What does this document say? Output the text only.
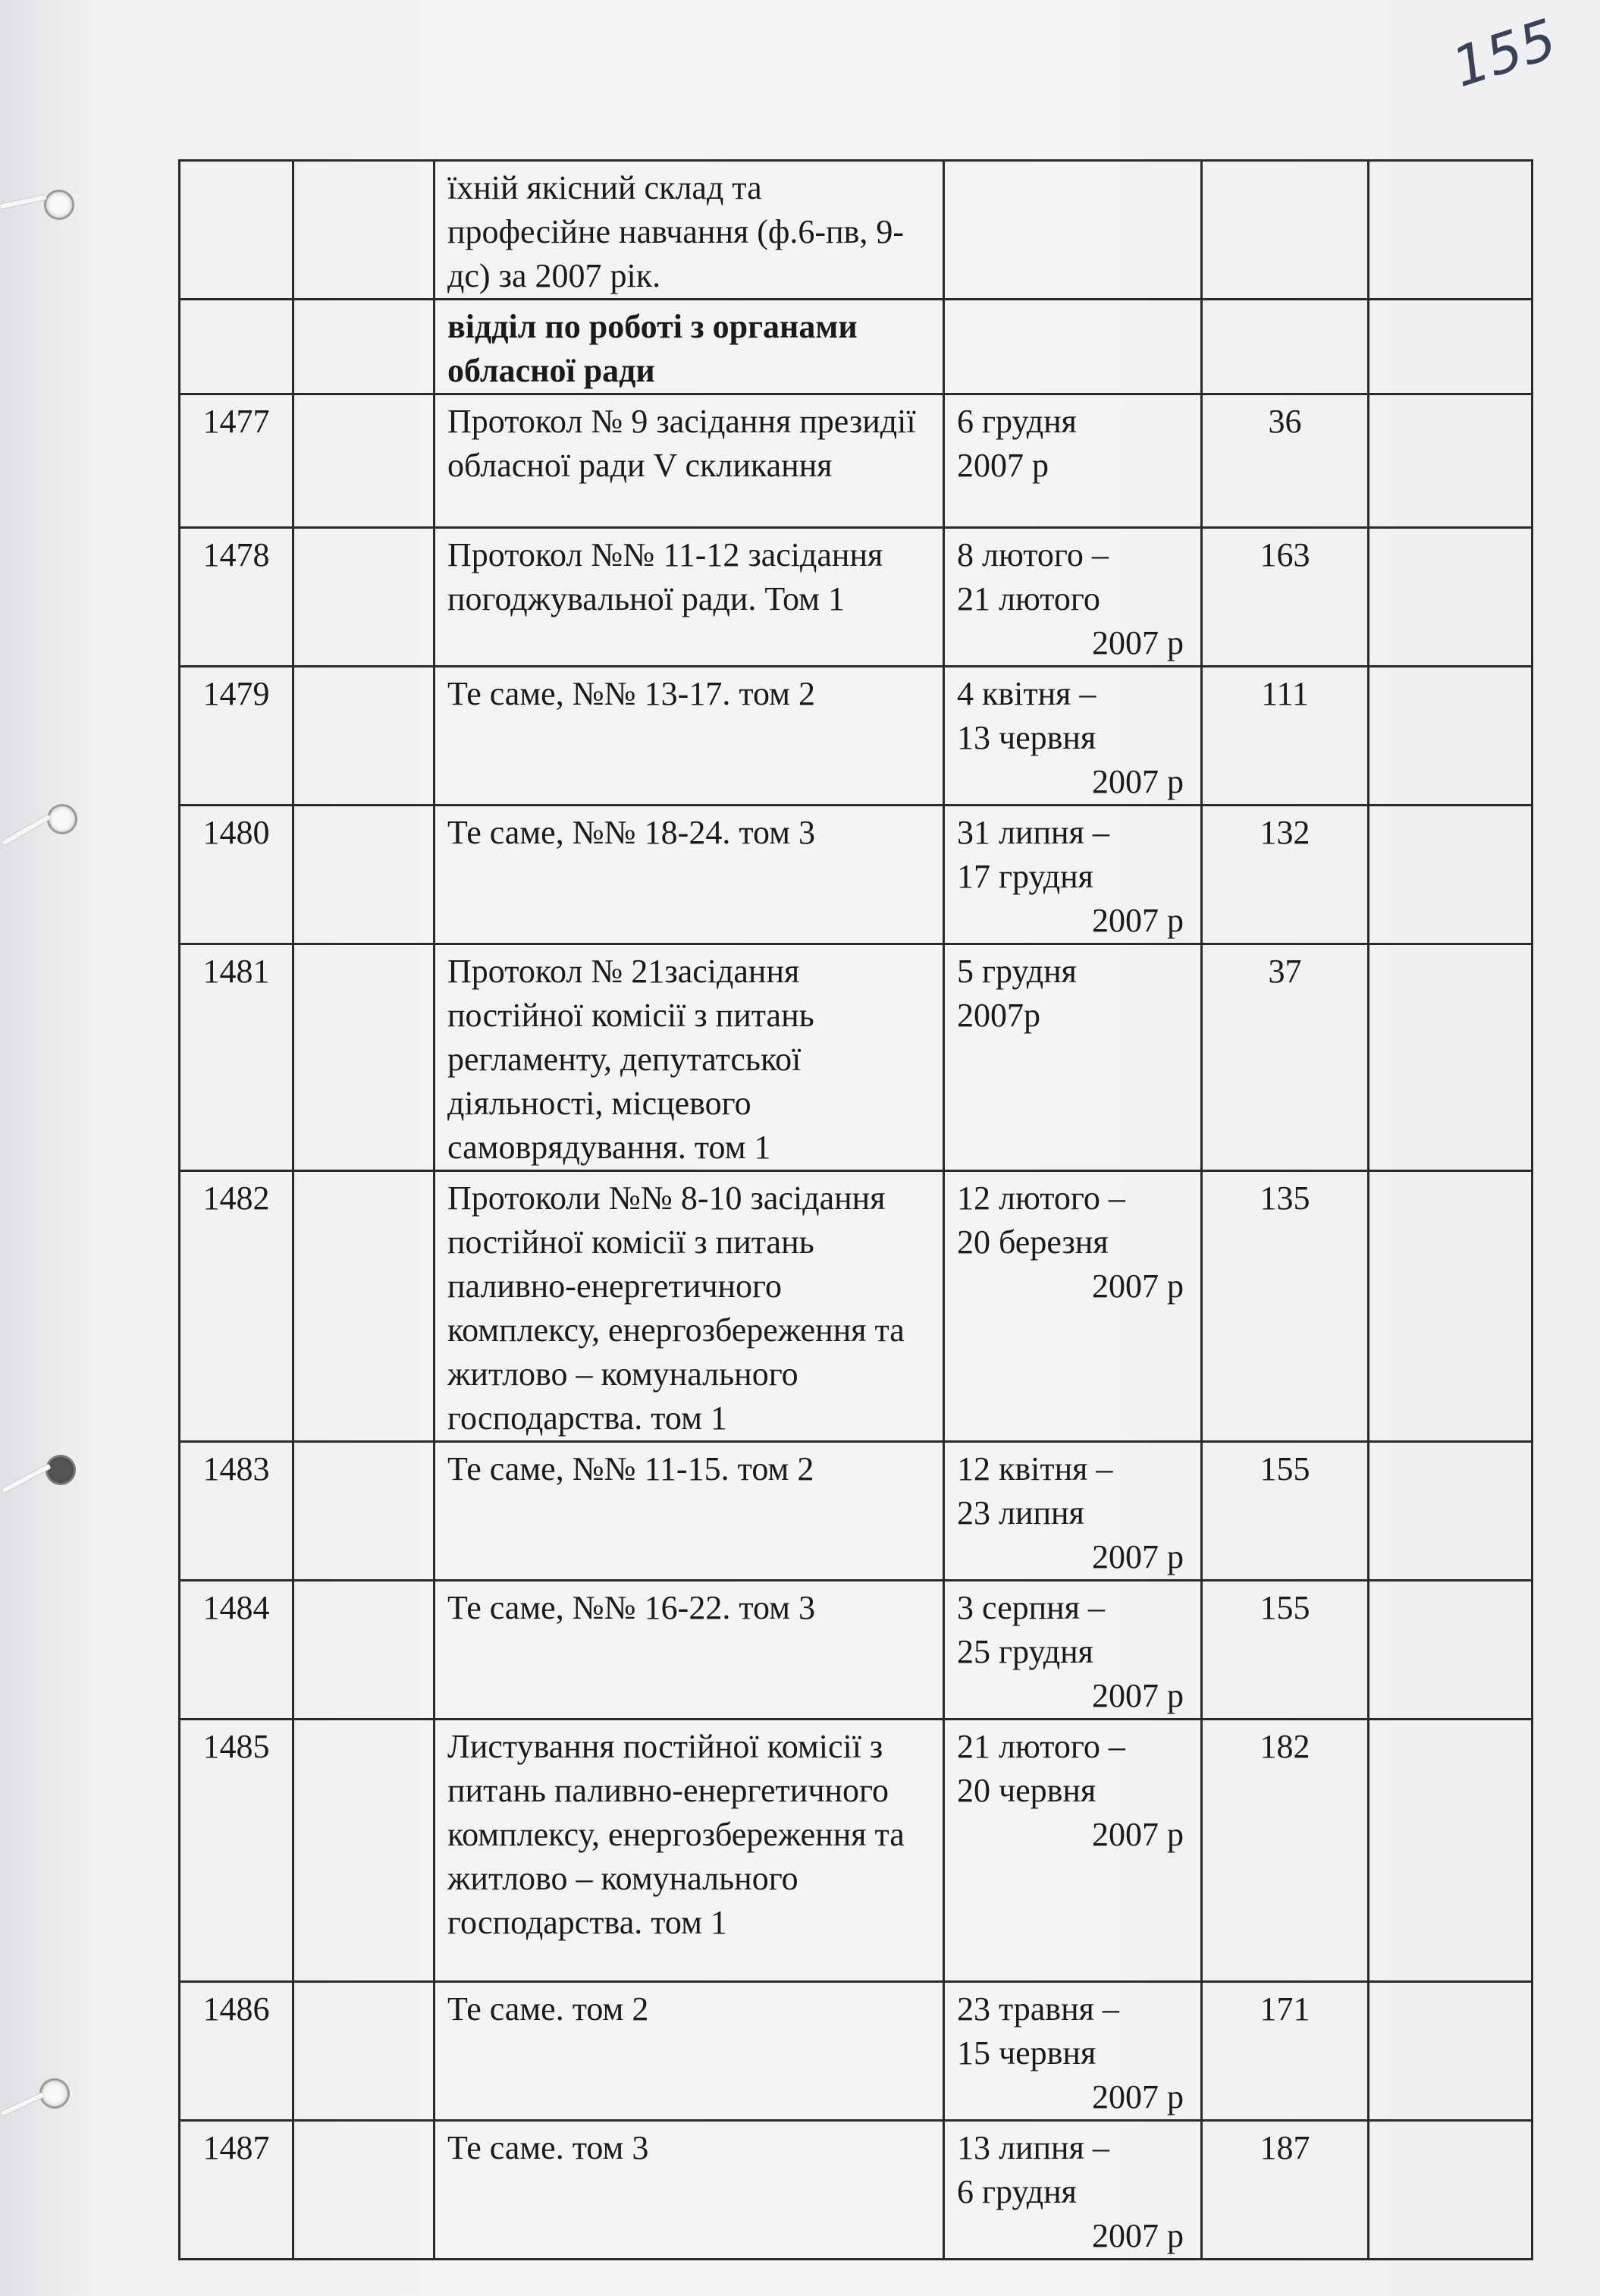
155
		їхній якісний склад та професійне навчання (ф.6-пв, 9-дс) за 2007 рік.			
		відділ по роботі з органами обласної ради			
1477		Протокол № 9 засідання президії обласної ради V скликання	6 грудня
2007 р	36	
1478		Протокол №№ 11-12 засідання погоджувальної ради. Том 1	8 лютого –
21 лютого
2007 р	163	
1479		Те саме, №№ 13-17. том 2	4 квітня –
13 червня
2007 р	111	
1480		Те саме, №№ 18-24. том 3	31 липня –
17 грудня
2007 р	132	
1481		Протокол № 21засідання постійної комісії з питань регламенту, депутатської діяльності, місцевого самоврядування. том 1	5 грудня
2007р	37	
1482		Протоколи №№ 8-10 засідання постійної комісії з питань паливно-енергетичного комплексу, енергозбереження та житлово – комунального господарства. том 1	12 лютого –
20 березня
2007 р	135	
1483		Те саме, №№ 11-15. том 2	12 квітня –
23 липня
2007 р	155	
1484		Те саме, №№ 16-22. том 3	3 серпня –
25 грудня
2007 р	155	
1485		Листування постійної комісії з питань паливно-енергетичного комплексу, енергозбереження та житлово – комунального господарства. том 1	21 лютого –
20 червня
2007 р	182	
1486		Те саме. том 2	23 травня –
15 червня
2007 р	171	
1487		Те саме. том 3	13 липня –
6 грудня
2007 р	187	
